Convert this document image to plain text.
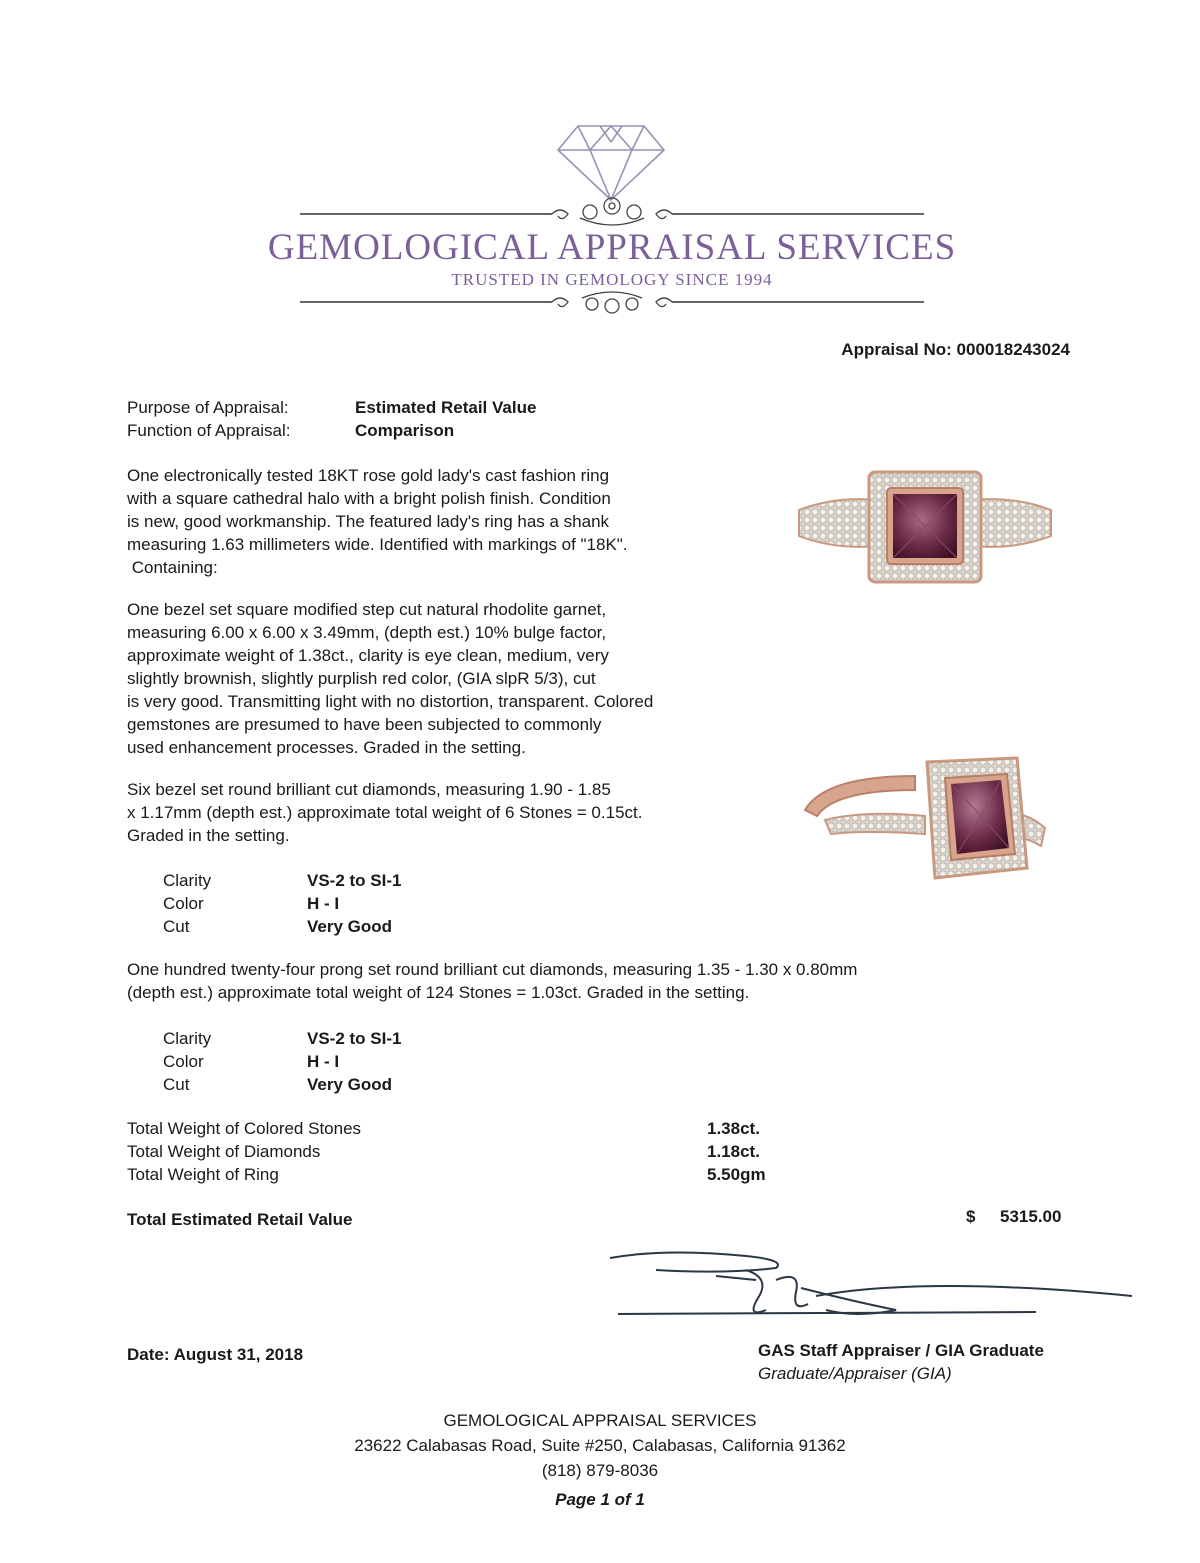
GEMOLOGICAL APPRAISAL SERVICES
TRUSTED IN GEMOLOGY SINCE 1994
Appraisal No: 000018243024
Purpose of Appraisal:	Estimated Retail Value
Function of Appraisal:	Comparison
One electronically tested 18KT rose gold lady's cast fashion ring
with a square cathedral halo with a bright polish finish. Condition
is new, good workmanship. The featured lady's ring has a shank
measuring 1.63 millimeters wide. Identified with markings of "18K".
Containing:
One bezel set square modified step cut natural rhodolite garnet,
measuring 6.00 x 6.00 x 3.49mm, (depth est.) 10% bulge factor,
approximate weight of 1.38ct., clarity is eye clean, medium, very
slightly brownish, slightly purplish red color, (GIA slpR 5/3), cut
is very good. Transmitting light with no distortion, transparent. Colored
gemstones are presumed to have been subjected to commonly
used enhancement processes. Graded in the setting.
Six bezel set round brilliant cut diamonds, measuring 1.90 - 1.85
x 1.17mm (depth est.) approximate total weight of 6 Stones = 0.15ct.
Graded in the setting.
Clarity	VS-2 to SI-1
Color	H - I
Cut	Very Good
One hundred twenty-four prong set round brilliant cut diamonds, measuring 1.35 - 1.30 x 0.80mm
(depth est.) approximate total weight of 124 Stones = 1.03ct. Graded in the setting.
Clarity	VS-2 to SI-1
Color	H - I
Cut	Very Good
Total Weight of Colored Stones	1.38ct.
Total Weight of Diamonds	1.18ct.
Total Weight of Ring	5.50gm
Total Estimated Retail Value	$ 5315.00
Date: August 31, 2018	GAS Staff Appraiser / GIA Graduate
Graduate/Appraiser (GIA)
GEMOLOGICAL APPRAISAL SERVICES
23622 Calabasas Road, Suite #250, Calabasas, California 91362
(818) 879-8036
Page 1 of 1
